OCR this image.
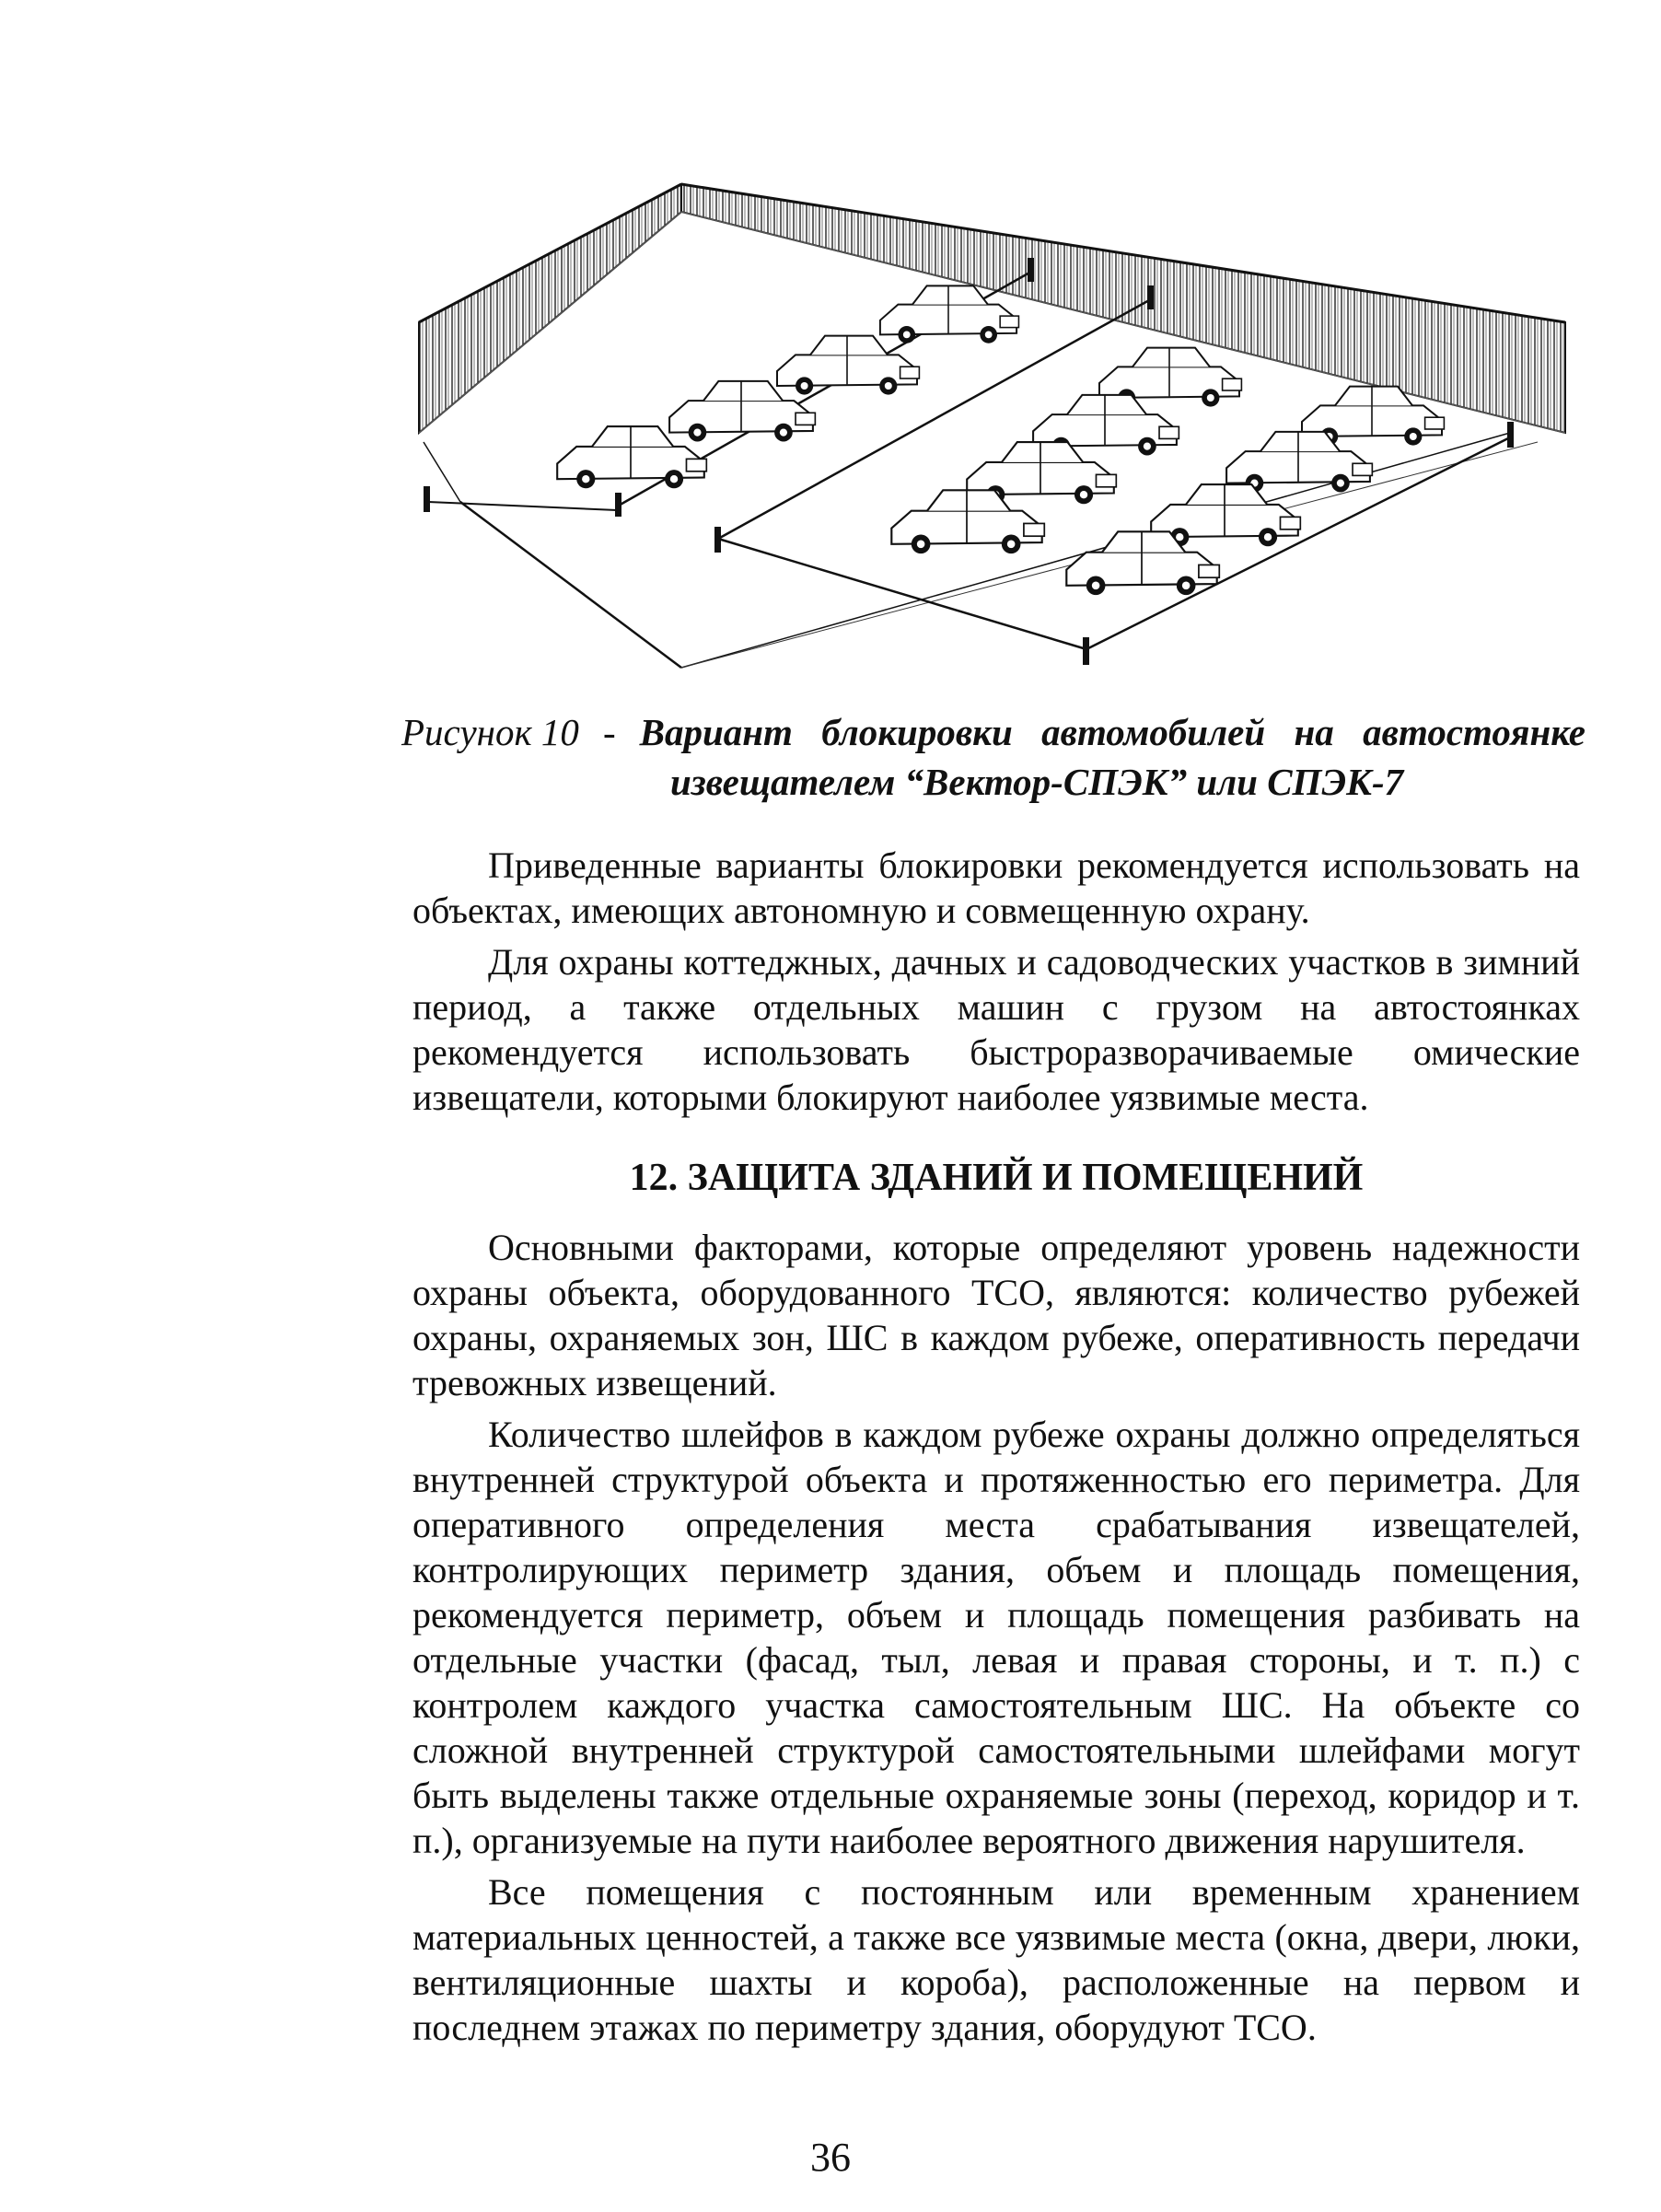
Рисунок 10 - Вариант блокировки автомобилей на автостоянке
извещателем “Вектор-СПЭК” или СПЭК-7

Приведенные варианты блокировки рекомендуется использовать на объектах, имеющих автономную и совмещенную охрану.

Для охраны коттеджных, дачных и садоводческих участков в зимний период, а также отдельных машин с грузом на автостоянках рекомендуется использовать быстроразворачиваемые омические извещатели, которыми блокируют наиболее уязвимые места.

12. ЗАЩИТА ЗДАНИЙ И ПОМЕЩЕНИЙ

Основными факторами, которые определяют уровень надежности охраны объекта, оборудованного ТСО, являются: количество рубежей охраны, охраняемых зон, ШС в каждом рубеже, оперативность передачи тревожных извещений.

Количество шлейфов в каждом рубеже охраны должно определяться внутренней структурой объекта и протяженностью его периметра. Для оперативного определения места срабатывания извещателей, контролирующих периметр здания, объем и площадь помещения, рекомендуется периметр, объем и площадь помещения разбивать на отдельные участки (фасад, тыл, левая и правая стороны, и т. п.) с контролем каждого участка самостоятельным ШС. На объекте со сложной внутренней структурой самостоятельными шлейфами могут быть выделены также отдельные охраняемые зоны (переход, коридор и т. п.), организуемые на пути наиболее вероятного движения нарушителя.

Все помещения с постоянным или временным хранением материальных ценностей, а также все уязвимые места (окна, двери, люки, вентиляционные шахты и короба), расположенные на первом и последнем этажах по периметру здания, оборудуют ТСО.

36
